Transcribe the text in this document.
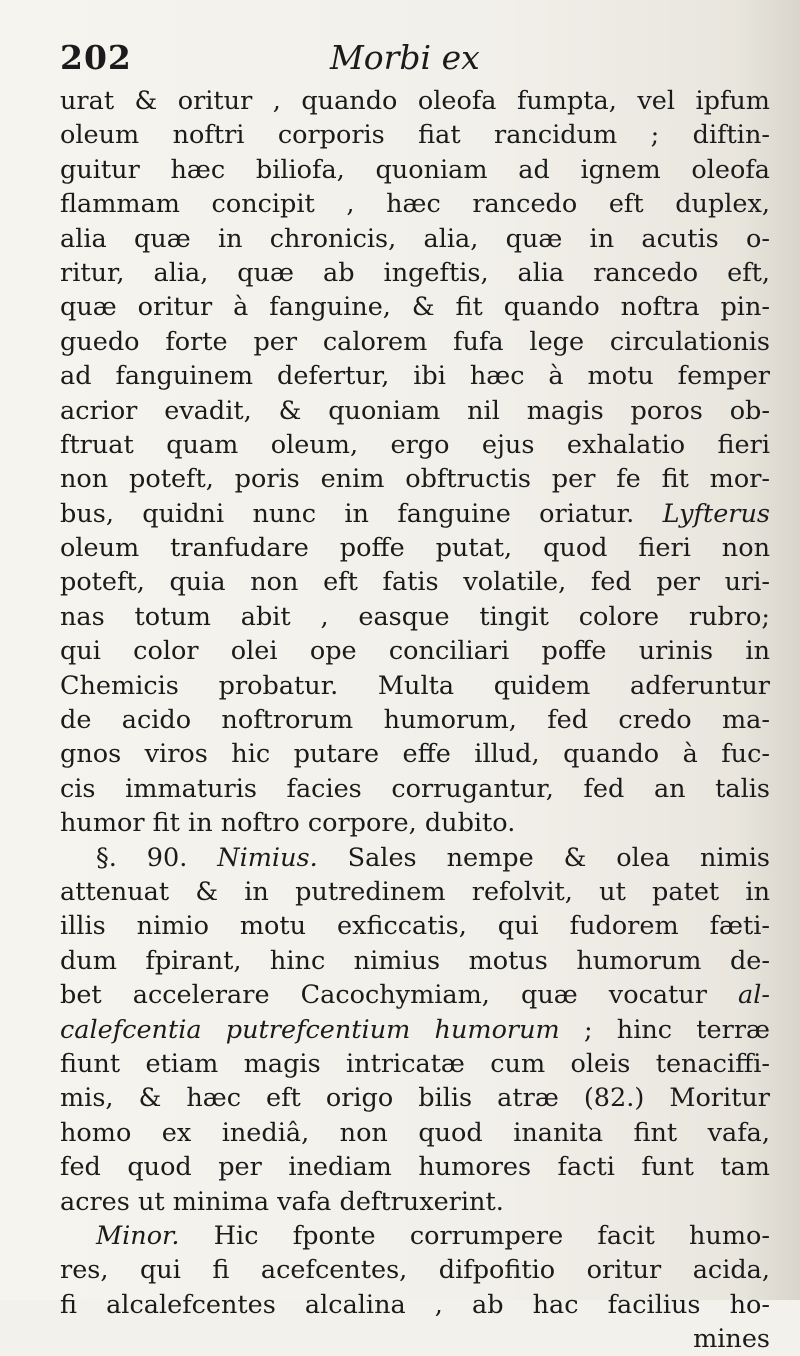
202	Morbi ex
urat & oritur , quando oleofa fumpta, vel ipfum
oleum noftri corporis fiat rancidum ; diftin-
guitur hæc biliofa, quoniam ad ignem oleofa
flammam concipit , hæc rancedo eft duplex,
alia quæ in chronicis, alia, quæ in acutis o-
ritur, alia, quæ ab ingeftis, alia rancedo eft,
quæ oritur à fanguine, & fit quando noftra pin-
guedo forte per calorem fufa lege circulationis
ad fanguinem defertur, ibi hæc à motu femper
acrior evadit, & quoniam nil magis poros ob-
ftruat quam oleum, ergo ejus exhalatio fieri
non poteft, poris enim obftructis per fe fit mor-
bus, quidni nunc in fanguine oriatur. Lyfterus
oleum tranfudare poffe putat, quod fieri non
poteft, quia non eft fatis volatile, fed per uri-
nas totum abit , easque tingit colore rubro;
qui color olei ope conciliari poffe urinis in
Chemicis probatur. Multa quidem adferuntur
de acido noftrorum humorum, fed credo ma-
gnos viros hic putare effe illud, quando à fuc-
cis immaturis facies corrugantur, fed an talis
humor fit in noftro corpore, dubito.
§. 90. Nimius. Sales nempe & olea nimis
attenuat & in putredinem refolvit, ut patet in
illis nimio motu exficcatis, qui fudorem fæti-
dum fpirant, hinc nimius motus humorum de-
bet accelerare Cacochymiam, quæ vocatur al-
calefcentia putrefcentium humorum ; hinc terræ
fiunt etiam magis intricatæ cum oleis tenaciffi-
mis, & hæc eft origo bilis atræ (82.) Moritur
homo ex inediâ, non quod inanita fint vafa,
fed quod per inediam humores facti funt tam
acres ut minima vafa deftruxerint.
Minor. Hic fponte corrumpere facit humo-
res, qui fi acefcentes, difpofitio oritur acida,
fi alcalefcentes alcalina , ab hac facilius ho-
mines
